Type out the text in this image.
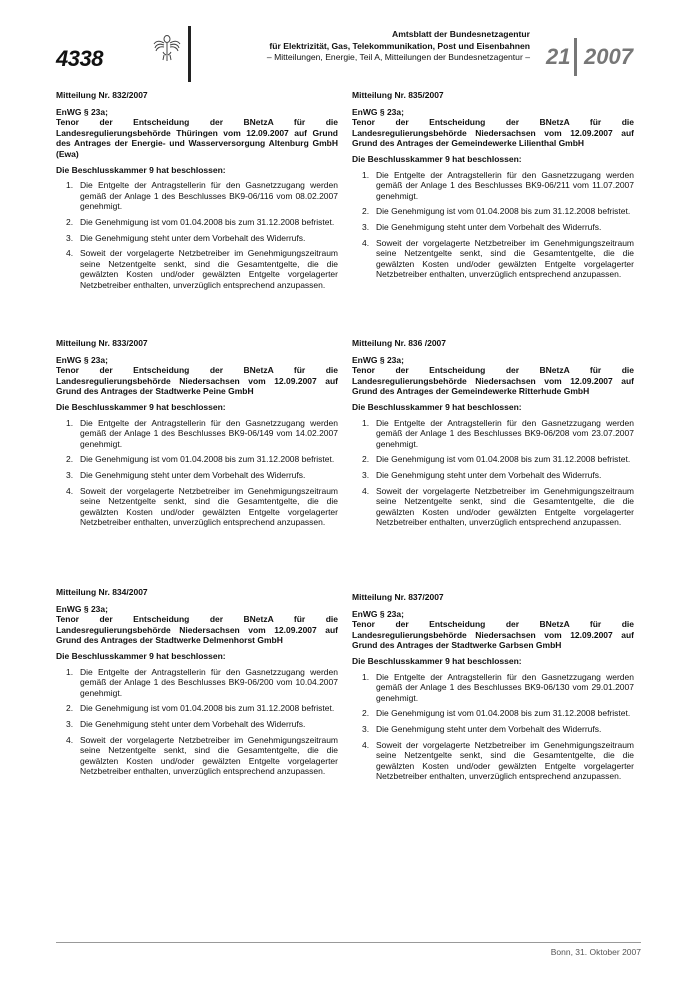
4338
Amtsblatt der Bundesnetzagentur
für Elektrizität, Gas, Telekommunikation, Post und Eisenbahnen
– Mitteilungen, Energie, Teil A, Mitteilungen der Bundesnetzagentur – 21 2007
Mitteilung Nr. 832/2007
EnWG § 23a;
Tenor der Entscheidung der BNetzA für die Landesregulierungsbehörde Thüringen vom 12.09.2007 auf Grund des Antrages der Energie- und Wasserversorgung Altenburg GmbH (Ewa)
Die Beschlusskammer 9 hat beschlossen:
1. Die Entgelte der Antragstellerin für den Gasnetzzugang werden gemäß der Anlage 1 des Beschlusses BK9-06/116 vom 08.02.2007 genehmigt.
2. Die Genehmigung ist vom 01.04.2008 bis zum 31.12.2008 befristet.
3. Die Genehmigung steht unter dem Vorbehalt des Widerrufs.
4. Soweit der vorgelagerte Netzbetreiber im Genehmigungszeitraum seine Netzentgelte senkt, sind die Gesamtentgelte, die die gewälzten Kosten und/oder gewälzten Entgelte vorgelagerter Netzbetreiber enthalten, unverzüglich entsprechend anzupassen.
Mitteilung Nr. 833/2007
EnWG § 23a;
Tenor der Entscheidung der BNetzA für die Landesregulierungsbehörde Niedersachsen vom 12.09.2007 auf Grund des Antrages der Stadtwerke Peine GmbH
Die Beschlusskammer 9 hat beschlossen:
1. Die Entgelte der Antragstellerin für den Gasnetzzugang werden gemäß der Anlage 1 des Beschlusses BK9-06/149 vom 14.02.2007 genehmigt.
2. Die Genehmigung ist vom 01.04.2008 bis zum 31.12.2008 befristet.
3. Die Genehmigung steht unter dem Vorbehalt des Widerrufs.
4. Soweit der vorgelagerte Netzbetreiber im Genehmigungszeitraum seine Netzentgelte senkt, sind die Gesamtentgelte, die die gewälzten Kosten und/oder gewälzten Entgelte vorgelagerter Netzbetreiber enthalten, unverzüglich entsprechend anzupassen.
Mitteilung Nr. 834/2007
EnWG § 23a;
Tenor der Entscheidung der BNetzA für die Landesregulierungsbehörde Niedersachsen vom 12.09.2007 auf Grund des Antrages der Stadtwerke Delmenhorst GmbH
Die Beschlusskammer 9 hat beschlossen:
1. Die Entgelte der Antragstellerin für den Gasnetzzugang werden gemäß der Anlage 1 des Beschlusses BK9-06/200 vom 10.04.2007 genehmigt.
2. Die Genehmigung ist vom 01.04.2008 bis zum 31.12.2008 befristet.
3. Die Genehmigung steht unter dem Vorbehalt des Widerrufs.
4. Soweit der vorgelagerte Netzbetreiber im Genehmigungszeitraum seine Netzentgelte senkt, sind die Gesamtentgelte, die die gewälzten Kosten und/oder gewälzten Entgelte vorgelagerter Netzbetreiber enthalten, unverzüglich entsprechend anzupassen.
Mitteilung Nr. 835/2007
EnWG § 23a;
Tenor der Entscheidung der BNetzA für die Landesregulierungsbehörde Niedersachsen vom 12.09.2007 auf Grund des Antrages der Gemeindewerke Lilienthal GmbH
Die Beschlusskammer 9 hat beschlossen:
1. Die Entgelte der Antragstellerin für den Gasnetzzugang werden gemäß der Anlage 1 des Beschlusses BK9-06/211 vom 11.07.2007 genehmigt.
2. Die Genehmigung ist vom 01.04.2008 bis zum 31.12.2008 befristet.
3. Die Genehmigung steht unter dem Vorbehalt des Widerrufs.
4. Soweit der vorgelagerte Netzbetreiber im Genehmigungszeitraum seine Netzentgelte senkt, sind die Gesamtentgelte, die die gewälzten Kosten und/oder gewälzten Entgelte vorgelagerter Netzbetreiber enthalten, unverzüglich entsprechend anzupassen.
Mitteilung Nr. 836 /2007
EnWG § 23a;
Tenor der Entscheidung der BNetzA für die Landesregulierungsbehörde Niedersachsen vom 12.09.2007 auf Grund des Antrages der Gemeindewerke Ritterhude GmbH
Die Beschlusskammer 9 hat beschlossen:
1. Die Entgelte der Antragstellerin für den Gasnetzzugang werden gemäß der Anlage 1 des Beschlusses BK9-06/208 vom 23.07.2007 genehmigt.
2. Die Genehmigung ist vom 01.04.2008 bis zum 31.12.2008 befristet.
3. Die Genehmigung steht unter dem Vorbehalt des Widerrufs.
4. Soweit der vorgelagerte Netzbetreiber im Genehmigungszeitraum seine Netzentgelte senkt, sind die Gesamtentgelte, die die gewälzten Kosten und/oder gewälzten Entgelte vorgelagerter Netzbetreiber enthalten, unverzüglich entsprechend anzupassen.
Mitteilung Nr. 837/2007
EnWG § 23a;
Tenor der Entscheidung der BNetzA für die Landesregulierungsbehörde Niedersachsen vom 12.09.2007 auf Grund des Antrages der Stadtwerke Garbsen GmbH
Die Beschlusskammer 9 hat beschlossen:
1. Die Entgelte der Antragstellerin für den Gasnetzzugang werden gemäß der Anlage 1 des Beschlusses BK9-06/130 vom 29.01.2007 genehmigt.
2. Die Genehmigung ist vom 01.04.2008 bis zum 31.12.2008 befristet.
3. Die Genehmigung steht unter dem Vorbehalt des Widerrufs.
4. Soweit der vorgelagerte Netzbetreiber im Genehmigungszeitraum seine Netzentgelte senkt, sind die Gesamtentgelte, die die gewälzten Kosten und/oder gewälzten Entgelte vorgelagerter Netzbetreiber enthalten, unverzüglich entsprechend anzupassen.
Bonn, 31. Oktober 2007
